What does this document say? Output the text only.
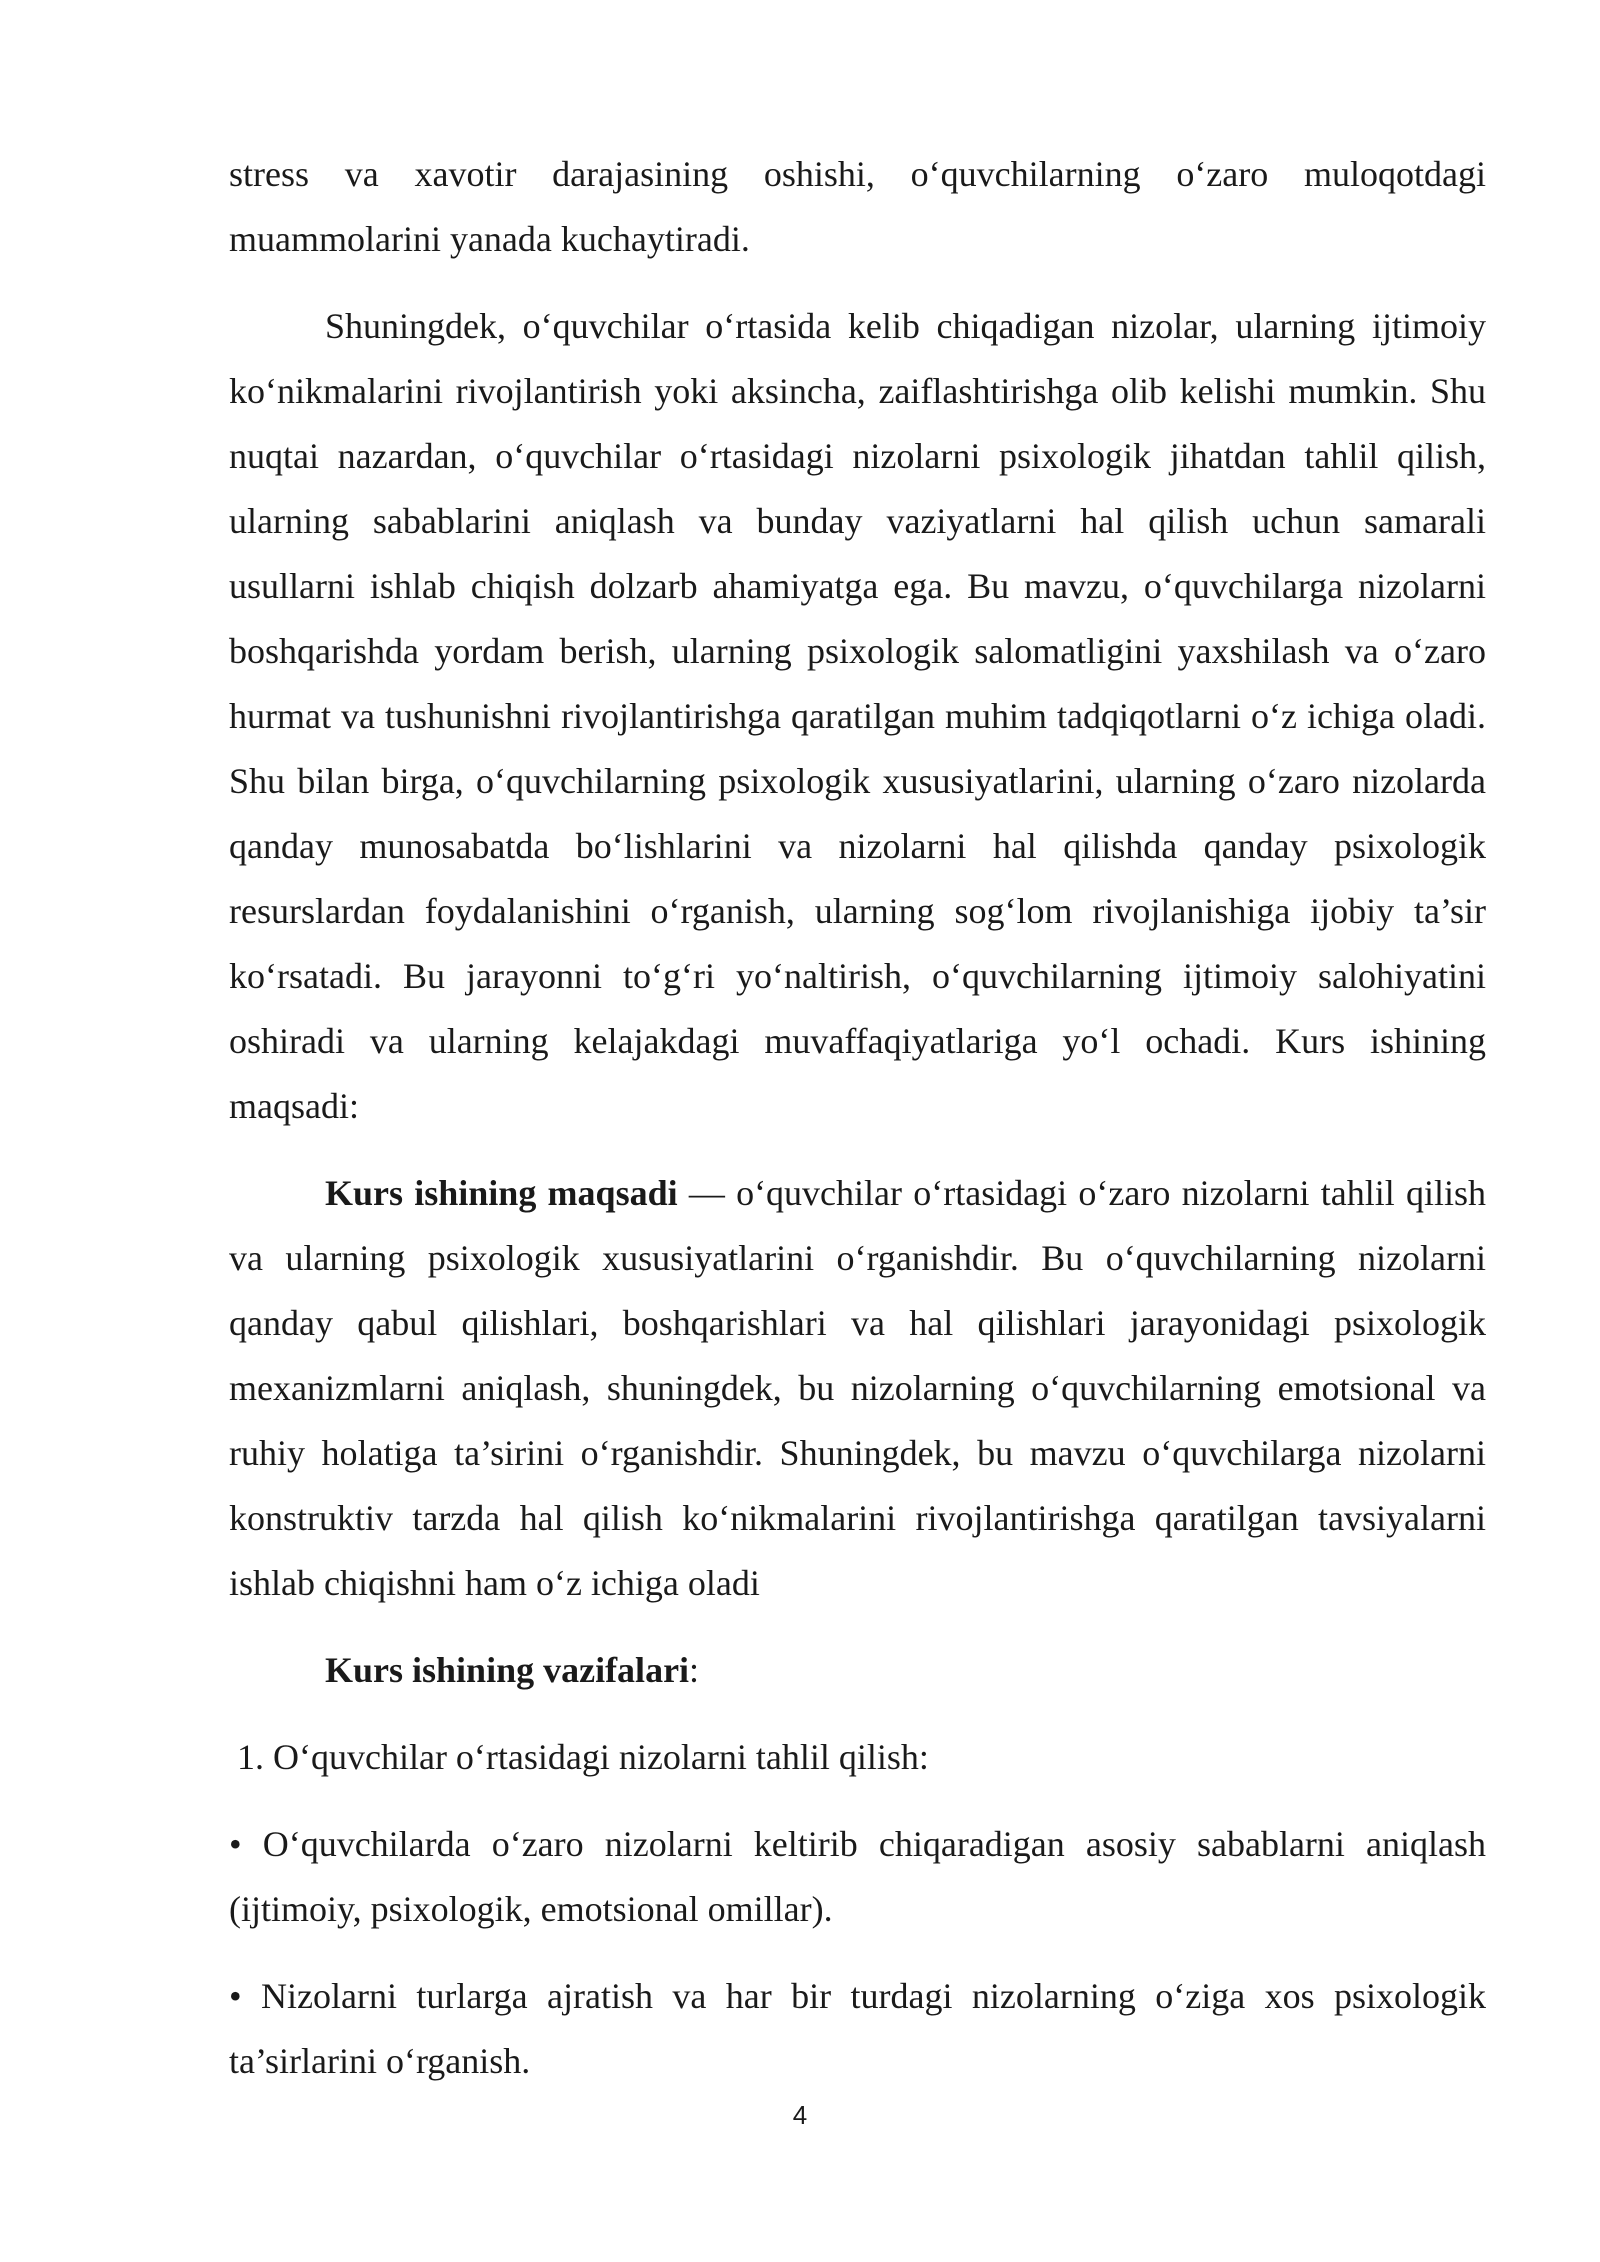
stress va xavotir darajasining oshishi, o‘quvchilarning o‘zaro muloqotdagi muammolarini yanada kuchaytiradi.

Shuningdek, o‘quvchilar o‘rtasida kelib chiqadigan nizolar, ularning ijtimoiy ko‘nikmalarini rivojlantirish yoki aksincha, zaiflashtirishga olib kelishi mumkin. Shu nuqtai nazardan, o‘quvchilar o‘rtasidagi nizolarni psixologik jihatdan tahlil qilish, ularning sabablarini aniqlash va bunday vaziyatlarni hal qilish uchun samarali usullarni ishlab chiqish dolzarb ahamiyatga ega. Bu mavzu, o‘quvchilarga nizolarni boshqarishda yordam berish, ularning psixologik salomatligini yaxshilash va o‘zaro hurmat va tushunishni rivojlantirishga qaratilgan muhim tadqiqotlarni o‘z ichiga oladi. Shu bilan birga, o‘quvchilarning psixologik xususiyatlarini, ularning o‘zaro nizolarda qanday munosabatda bo‘lishlarini va nizolarni hal qilishda qanday psixologik resurslardan foydalanishini o‘rganish, ularning sog‘lom rivojlanishiga ijobiy ta’sir ko‘rsatadi. Bu jarayonni to‘g‘ri yo‘naltirish, o‘quvchilarning ijtimoiy salohiyatini oshiradi va ularning kelajakdagi muvaffaqiyatlariga yo‘l ochadi. Kurs ishining maqsadi:

Kurs ishining maqsadi — o‘quvchilar o‘rtasidagi o‘zaro nizolarni tahlil qilish va ularning psixologik xususiyatlarini o‘rganishdir. Bu o‘quvchilarning nizolarni qanday qabul qilishlari, boshqarishlari va hal qilishlari jarayonidagi psixologik mexanizmlarni aniqlash, shuningdek, bu nizolarning o‘quvchilarning emotsional va ruhiy holatiga ta’sirini o‘rganishdir. Shuningdek, bu mavzu o‘quvchilarga nizolarni konstruktiv tarzda hal qilish ko‘nikmalarini rivojlantirishga qaratilgan tavsiyalarni ishlab chiqishni ham o‘z ichiga oladi

Kurs ishining vazifalari:

1. O‘quvchilar o‘rtasidagi nizolarni tahlil qilish:

• O‘quvchilarda o‘zaro nizolarni keltirib chiqaradigan asosiy sabablarni aniqlash (ijtimoiy, psixologik, emotsional omillar).

• Nizolarni turlarga ajratish va har bir turdagi nizolarning o‘ziga xos psixologik ta’sirlarini o‘rganish.

4
